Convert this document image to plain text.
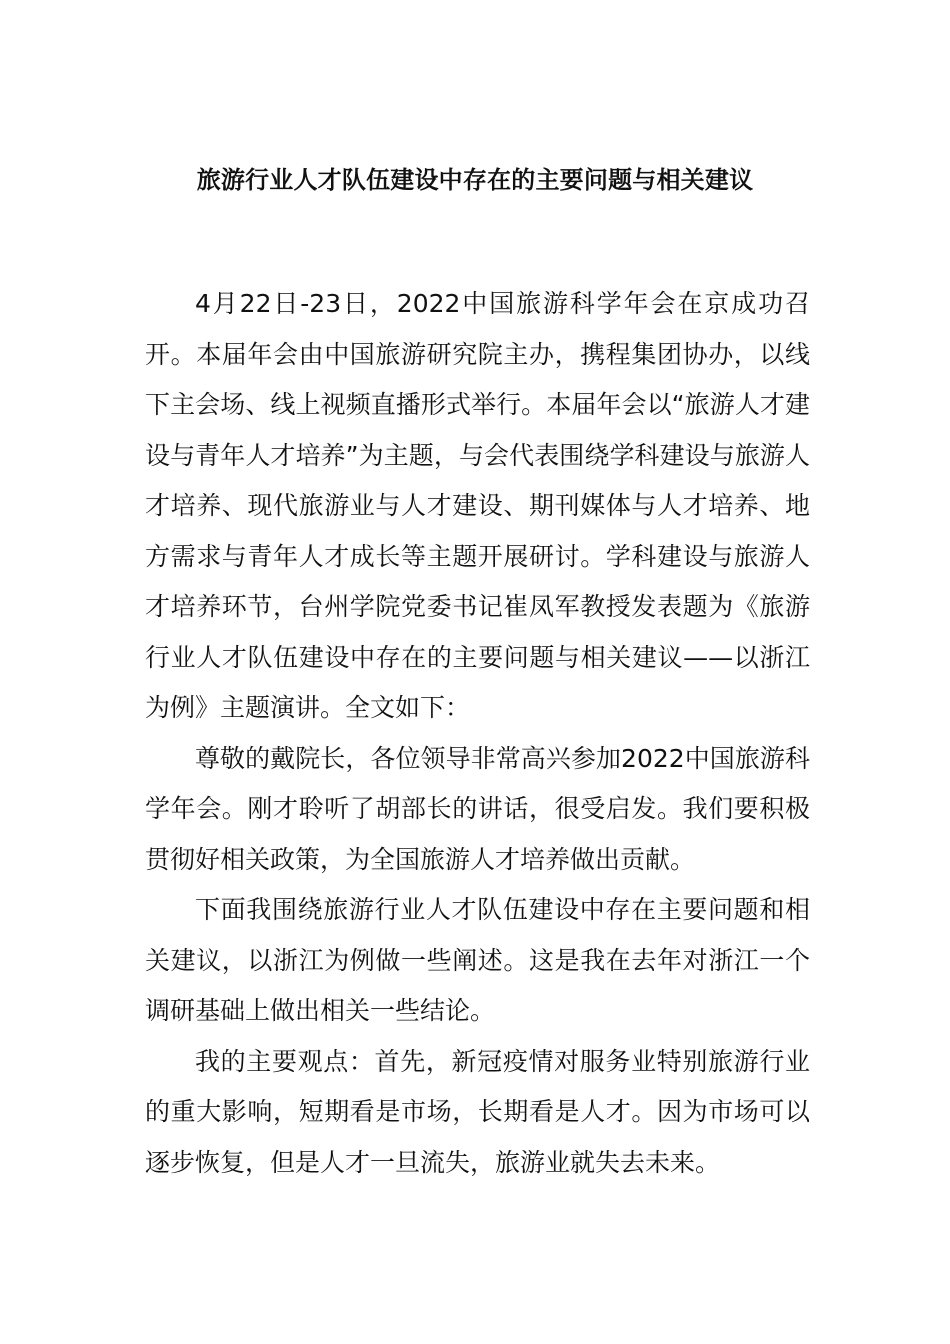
旅游行业人才队伍建设中存在的主要问题与相关建议

4月22日-23日，2022中国旅游科学年会在京成功召开。本届年会由中国旅游研究院主办，携程集团协办，以线下主会场、线上视频直播形式举行。本届年会以“旅游人才建设与青年人才培养”为主题，与会代表围绕学科建设与旅游人才培养、现代旅游业与人才建设、期刊媒体与人才培养、地方需求与青年人才成长等主题开展研讨。学科建设与旅游人才培养环节，台州学院党委书记崔凤军教授发表题为《旅游行业人才队伍建设中存在的主要问题与相关建议——以浙江为例》主题演讲。全文如下：

尊敬的戴院长，各位领导非常高兴参加2022中国旅游科学年会。刚才聆听了胡部长的讲话，很受启发。我们要积极贯彻好相关政策，为全国旅游人才培养做出贡献。

下面我围绕旅游行业人才队伍建设中存在主要问题和相关建议，以浙江为例做一些阐述。这是我在去年对浙江一个调研基础上做出相关一些结论。

我的主要观点：首先，新冠疫情对服务业特别旅游行业的重大影响，短期看是市场，长期看是人才。因为市场可以逐步恢复，但是人才一旦流失，旅游业就失去未来。
